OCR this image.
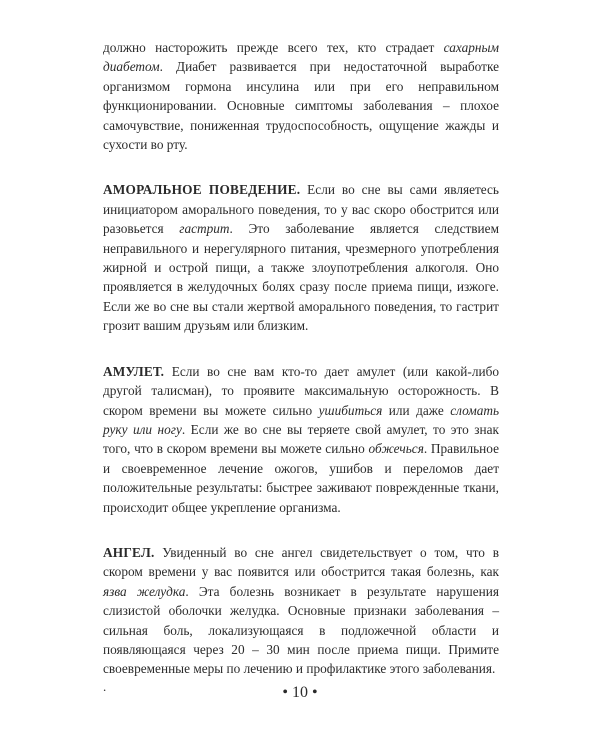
должно насторожить прежде всего тех, кто страдает сахарным диабетом. Диабет развивается при недостаточной выработке организмом гормона инсулина или при его неправильном функционировании. Основные симптомы заболевания – плохое самочувствие, пониженная трудоспособность, ощущение жажды и сухости во рту.

АМОРАЛЬНОЕ ПОВЕДЕНИЕ. Если во сне вы сами являетесь инициатором аморального поведения, то у вас скоро обострится или разовьется гастрит. Это заболевание является следствием неправильного и нерегулярного питания, чрезмерного употребления жирной и острой пищи, а также злоупотребления алкоголя. Оно проявляется в желудочных болях сразу после приема пищи, изжоге. Если же во сне вы стали жертвой аморального поведения, то гастрит грозит вашим друзьям или близким.

АМУЛЕТ. Если во сне вам кто-то дает амулет (или какой-либо другой талисман), то проявите максимальную осторожность. В скором времени вы можете сильно ушибиться или даже сломать руку или ногу. Если же во сне вы теряете свой амулет, то это знак того, что в скором времени вы можете сильно обжечься. Правильное и своевременное лечение ожогов, ушибов и переломов дает положительные результаты: быстрее заживают поврежденные ткани, происходит общее укрепление организма.

АНГЕЛ. Увиденный во сне ангел свидетельствует о том, что в скором времени у вас появится или обострится такая болезнь, как язва желудка. Эта болезнь возникает в результате нарушения слизистой оболочки желудка. Основные признаки заболевания – сильная боль, локализующаяся в подложечной области и появляющаяся через 20 – 30 мин после приема пищи. Примите своевременные меры по лечению и профилактике этого заболевания.

.	• 10 •
